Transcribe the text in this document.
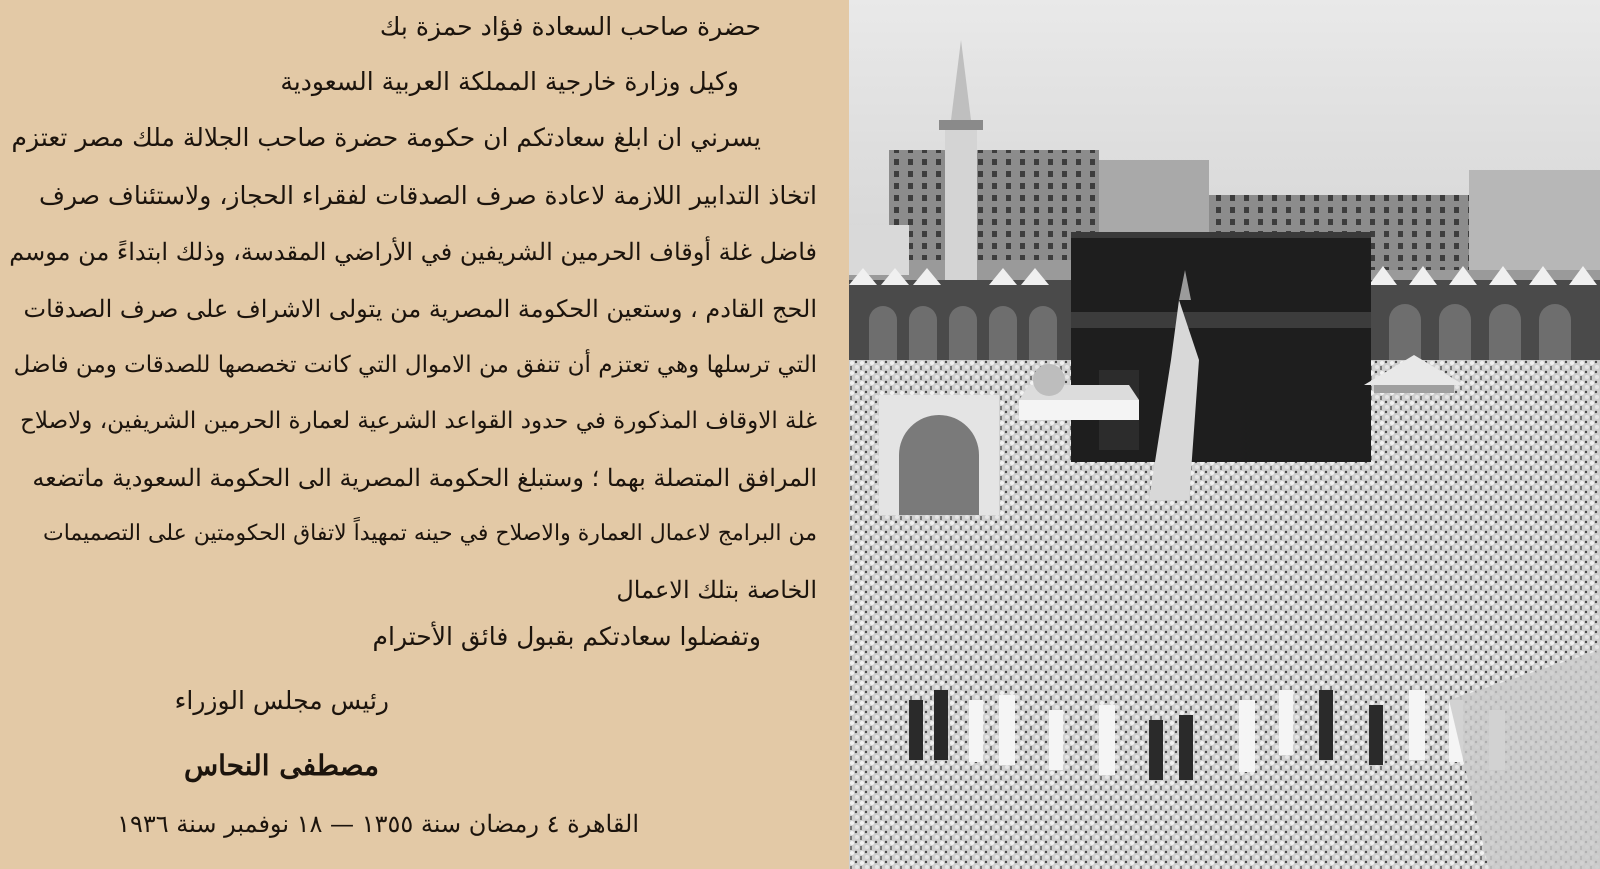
حضرة صاحب السعادة فؤاد حمزة بك
وكيل وزارة خارجية المملكة العربية السعودية
يسرني ان ابلغ سعادتكم ان حكومة حضرة صاحب الجلالة ملك مصر تعتزم
اتخاذ التدابير اللازمة لاعادة صرف الصدقات لفقراء الحجاز، ولاستئناف صرف
فاضل غلة أوقاف الحرمين الشريفين في الأراضي المقدسة، وذلك ابتداءً من موسم
الحج القادم ، وستعين الحكومة المصرية من يتولى الاشراف على صرف الصدقات
التي ترسلها وهي تعتزم أن تنفق من الاموال التي كانت تخصصها للصدقات ومن فاضل
غلة الاوقاف المذكورة في حدود القواعد الشرعية لعمارة الحرمين الشريفين، ولاصلاح
المرافق المتصلة بهما ؛ وستبلغ الحكومة المصرية الى الحكومة السعودية ماتضعه
من البرامج لاعمال العمارة والاصلاح في حينه تمهيداً لاتفاق الحكومتين على التصميمات
الخاصة بتلك الاعمال
وتفضلوا سعادتكم بقبول فائق الأحترام
رئيس مجلس الوزراء
مصطفى النحاس
القاهرة ٤ رمضان سنة ١٣٥٥ — ١٨ نوفمبر سنة ١٩٣٦
